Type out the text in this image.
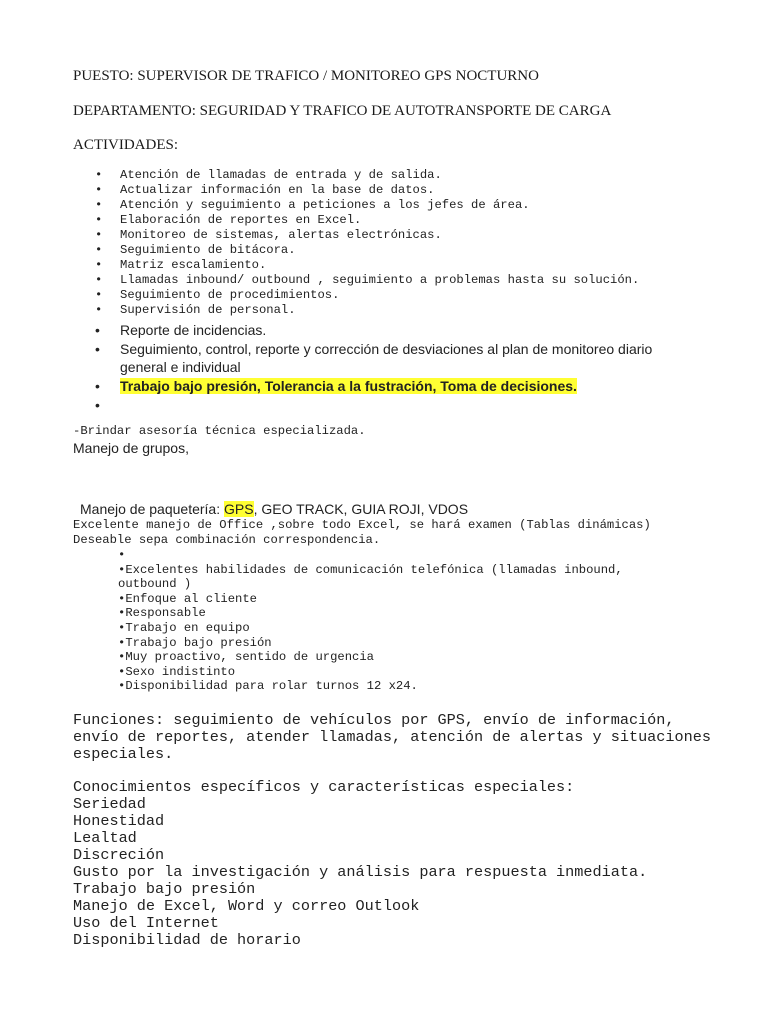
PUESTO: SUPERVISOR DE TRAFICO / MONITOREO GPS NOCTURNO
DEPARTAMENTO: SEGURIDAD Y TRAFICO DE AUTOTRANSPORTE DE CARGA
ACTIVIDADES:
• Atención de llamadas de entrada y de salida.
• Actualizar información en la base de datos.
• Atención y seguimiento a peticiones a los jefes de área.
• Elaboración de reportes en Excel.
• Monitoreo de sistemas, alertas electrónicas.
• Seguimiento de bitácora.
• Matriz escalamiento.
• Llamadas inbound/ outbound , seguimiento a problemas hasta su solución.
• Seguimiento de procedimientos.
• Supervisión de personal.
• Reporte de incidencias.
• Seguimiento, control, reporte y corrección de desviaciones al plan de monitoreo diario general e individual
• Trabajo bajo presión, Tolerancia a la fustración, Toma de decisiones.
•

-Brindar asesoría técnica especializada.
Manejo de grupos,
Manejo de paquetería: GPS, GEO TRACK, GUIA ROJI, VDOS
Excelente manejo de Office ,sobre todo Excel, se hará examen (Tablas dinámicas)
Deseable sepa combinación correspondencia.
•
•Excelentes habilidades de comunicación telefónica (llamadas inbound, outbound )
•Enfoque al cliente
•Responsable
•Trabajo en equipo
•Trabajo bajo presión
•Muy proactivo, sentido de urgencia
•Sexo indistinto
•Disponibilidad para rolar turnos 12 x24.
Funciones: seguimiento de vehículos por GPS, envío de información, envío de reportes, atender llamadas, atención de alertas y situaciones especiales.
Conocimientos específicos y características especiales:
Seriedad
Honestidad
Lealtad
Discreción
Gusto por la investigación y análisis para respuesta inmediata.
Trabajo bajo presión
Manejo de Excel, Word y correo Outlook
Uso del Internet
Disponibilidad de horario
